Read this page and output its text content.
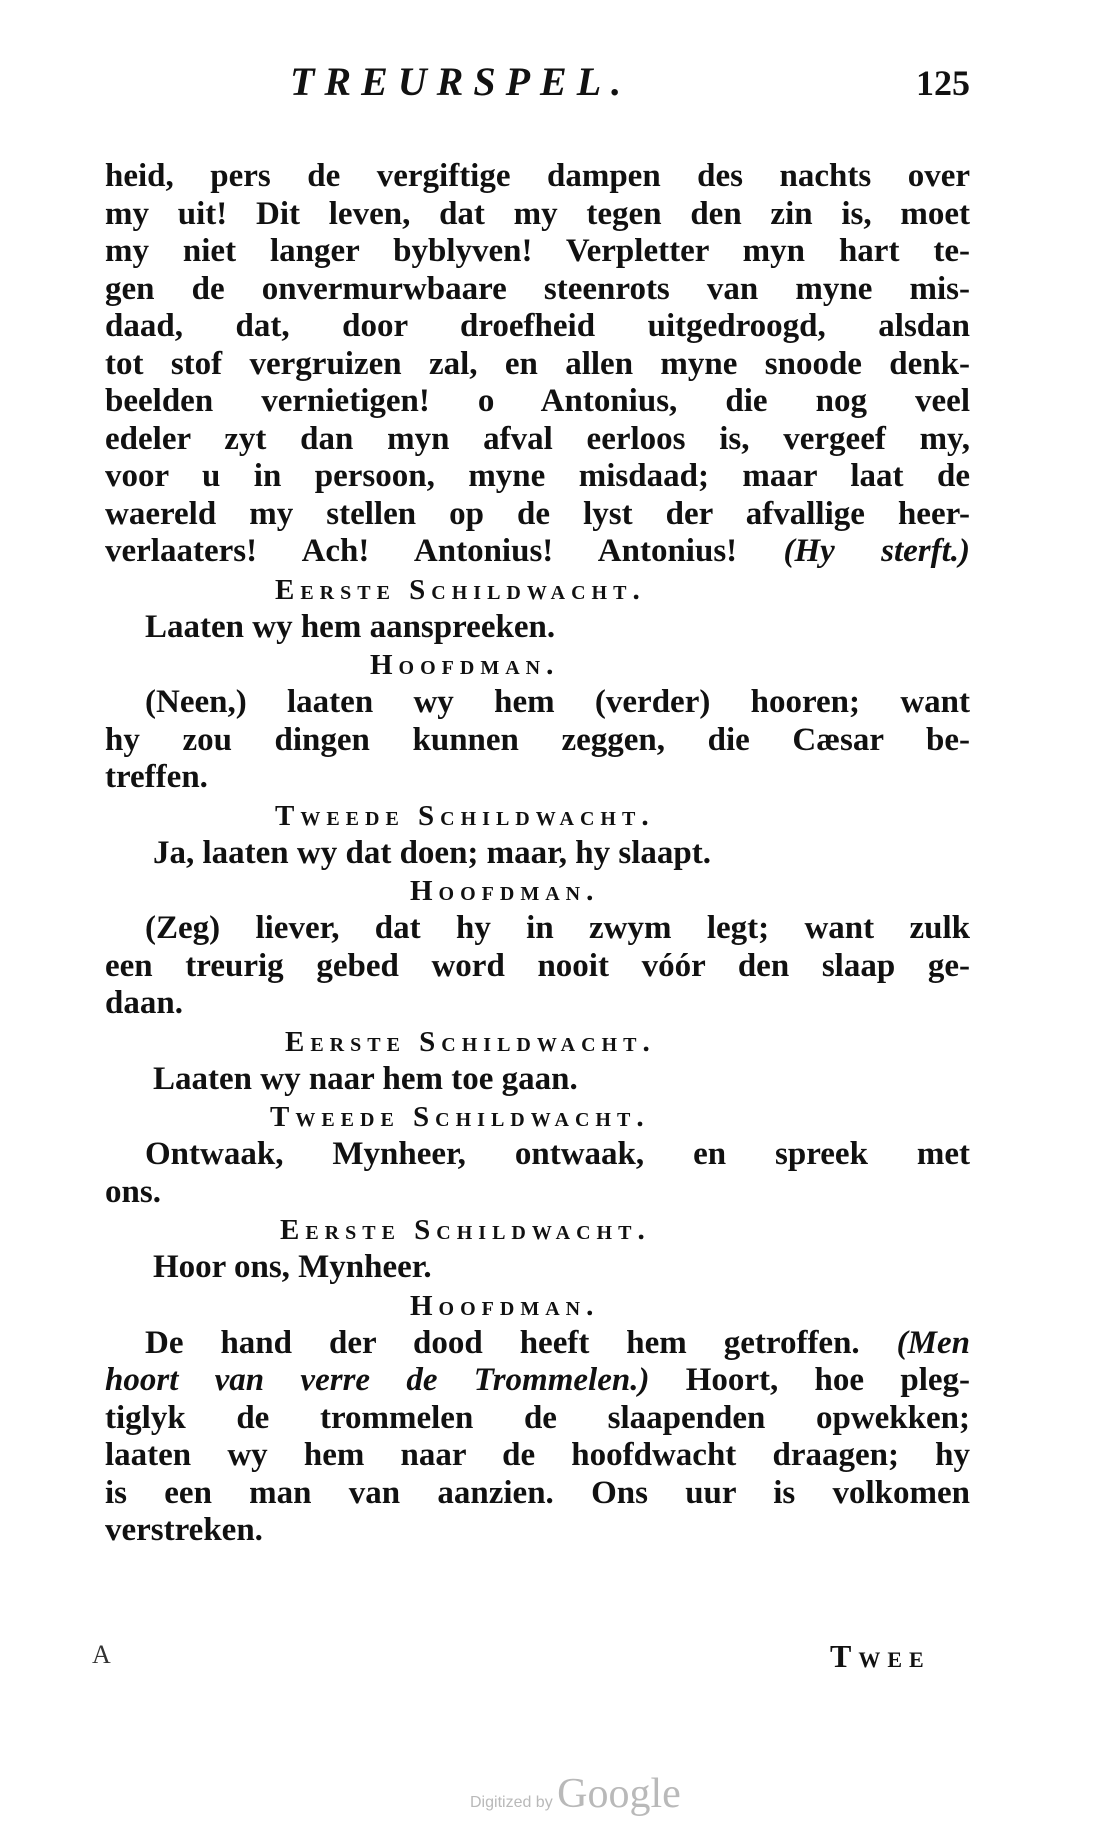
TREURSPEL.	125
heid, pers de vergiftige dampen des nachts over
my uit! Dit leven, dat my tegen den zin is, moet
my niet langer byblyven! Verpletter myn hart te-
gen de onvermurwbaare steenrots van myne mis-
daad, dat, door droefheid uitgedroogd, alsdan
tot stof vergruizen zal, en allen myne snoode denk-
beelden vernietigen! o Antonius, die nog veel
edeler zyt dan myn afval eerloos is, vergeef my,
voor u in persoon, myne misdaad; maar laat de
waereld my stellen op de lyst der afvallige heer-
verlaaters! Ach! Antonius! Antonius! (Hy sterft.)
Eerste Schildwacht.
Laaten wy hem aanspreeken.
Hoofdman.
(Neen,) laaten wy hem (verder) hooren; want
hy zou dingen kunnen zeggen, die Cæsar be-
treffen.
Tweede Schildwacht.
Ja, laaten wy dat doen; maar, hy slaapt.
Hoofdman.
(Zeg) liever, dat hy in zwym legt; want zulk
een treurig gebed word nooit vóór den slaap ge-
daan.
Eerste Schildwacht.
Laaten wy naar hem toe gaan.
Tweede Schildwacht.
Ontwaak, Mynheer, ontwaak, en spreek met
ons.
Eerste Schildwacht.
Hoor ons, Mynheer.
Hoofdman.
De hand der dood heeft hem getroffen. (Men
hoort van verre de Trommelen.) Hoort, hoe pleg-
tiglyk de trommelen de slaapenden opwekken;
laaten wy hem naar de hoofdwacht draagen; hy
is een man van aanzien. Ons uur is volkomen
verstreken.
A	Twee
Digitized by Google
